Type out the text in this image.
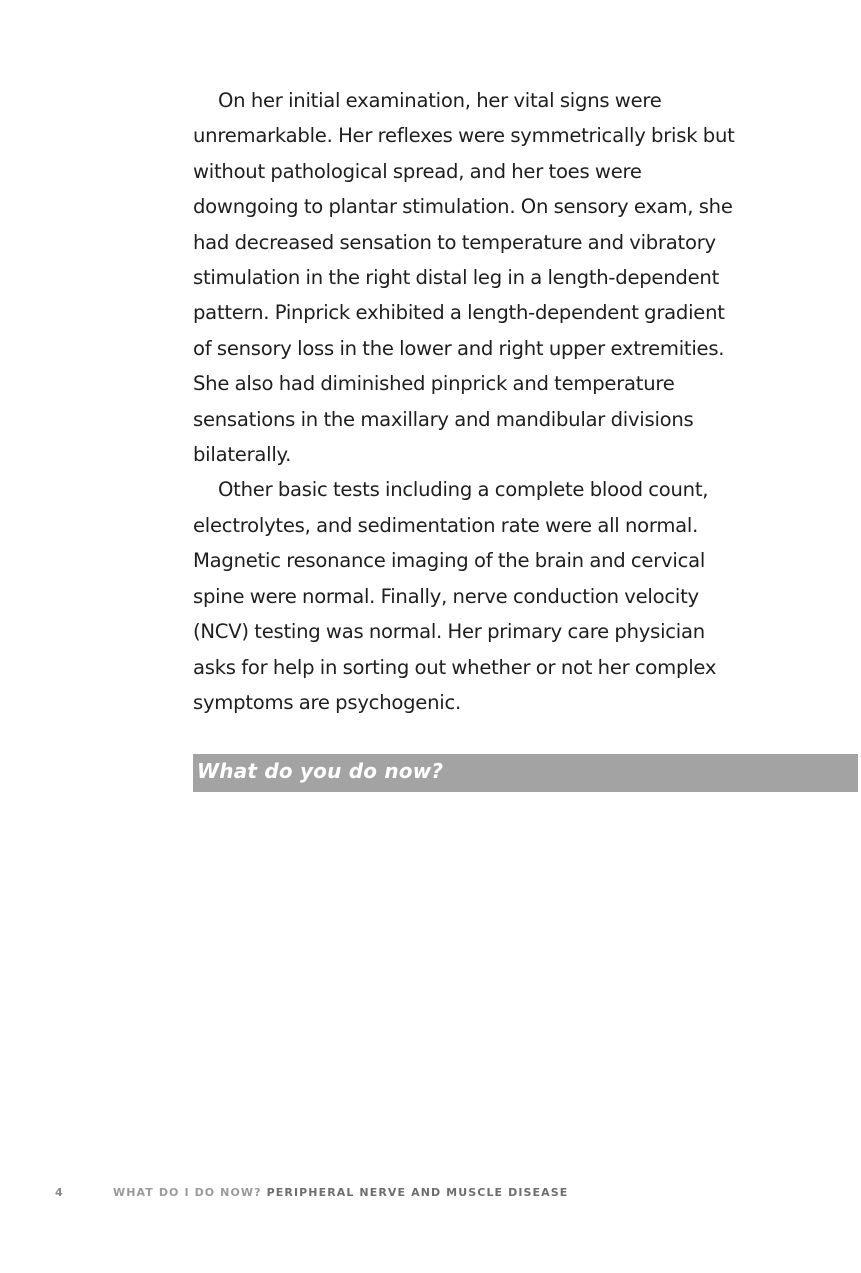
On her initial examination, her vital signs were unremarkable. Her reflexes were symmetrically brisk but without pathological spread, and her toes were downgoing to plantar stimulation. On sensory exam, she had decreased sensation to temperature and vibratory stimulation in the right distal leg in a length-dependent pattern. Pinprick exhibited a length-dependent gradient of sensory loss in the lower and right upper extremities. She also had diminished pinprick and temperature sensations in the maxillary and mandibular divisions bilaterally.

Other basic tests including a complete blood count, electrolytes, and sedimentation rate were all normal. Magnetic resonance imaging of the brain and cervical spine were normal. Finally, nerve conduction velocity (NCV) testing was normal. Her primary care physician asks for help in sorting out whether or not her complex symptoms are psychogenic.

What do you do now?
4	WHAT DO I DO NOW? PERIPHERAL NERVE AND MUSCLE DISEASE
